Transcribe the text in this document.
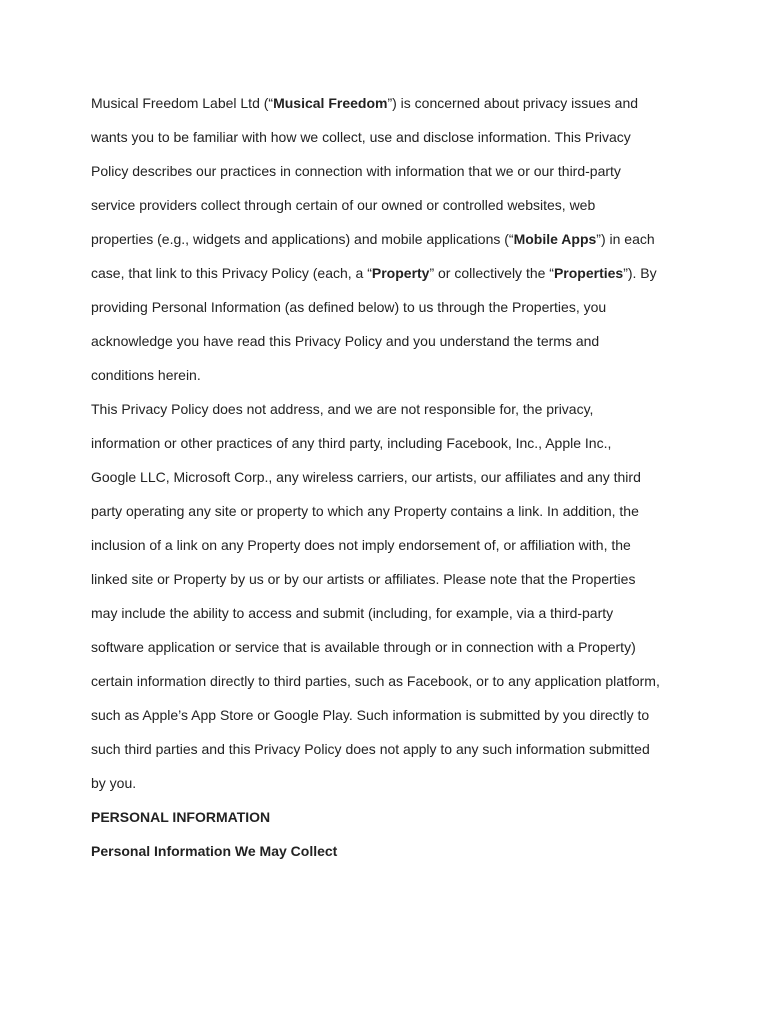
Musical Freedom Label Ltd (“Musical Freedom”) is concerned about privacy issues and
wants you to be familiar with how we collect, use and disclose information. This Privacy
Policy describes our practices in connection with information that we or our third-party
service providers collect through certain of our owned or controlled websites, web
properties (e.g., widgets and applications) and mobile applications (“Mobile Apps”) in each
case, that link to this Privacy Policy (each, a “Property” or collectively the “Properties”). By
providing Personal Information (as defined below) to us through the Properties, you
acknowledge you have read this Privacy Policy and you understand the terms and
conditions herein.
This Privacy Policy does not address, and we are not responsible for, the privacy,
information or other practices of any third party, including Facebook, Inc., Apple Inc.,
Google LLC, Microsoft Corp., any wireless carriers, our artists, our affiliates and any third
party operating any site or property to which any Property contains a link. In addition, the
inclusion of a link on any Property does not imply endorsement of, or affiliation with, the
linked site or Property by us or by our artists or affiliates. Please note that the Properties
may include the ability to access and submit (including, for example, via a third-party
software application or service that is available through or in connection with a Property)
certain information directly to third parties, such as Facebook, or to any application platform,
such as Apple’s App Store or Google Play. Such information is submitted by you directly to
such third parties and this Privacy Policy does not apply to any such information submitted
by you.
PERSONAL INFORMATION
Personal Information We May Collect
